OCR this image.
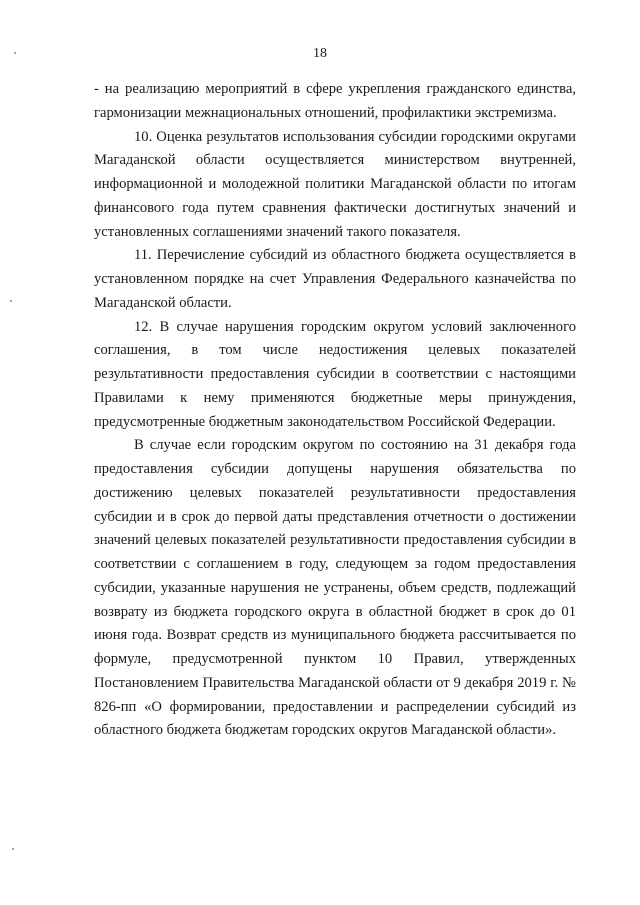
18

- на реализацию мероприятий в сфере укрепления гражданского единства, гармонизации межнациональных отношений, профилактики экстремизма.

10. Оценка результатов использования субсидии городскими округами Магаданской области осуществляется министерством внутренней, информационной и молодежной политики Магаданской области по итогам финансового года путем сравнения фактически достигнутых значений и установленных соглашениями значений такого показателя.

11. Перечисление субсидий из областного бюджета осуществляется в установленном порядке на счет Управления Федерального казначейства по Магаданской области.

12. В случае нарушения городским округом условий заключенного соглашения, в том числе недостижения целевых показателей результативности предоставления субсидии в соответствии с настоящими Правилами к нему применяются бюджетные меры принуждения, предусмотренные бюджетным законодательством Российской Федерации.

В случае если городским округом по состоянию на 31 декабря года предоставления субсидии допущены нарушения обязательства по достижению целевых показателей результативности предоставления субсидии и в срок до первой даты представления отчетности о достижении значений целевых показателей результативности предоставления субсидии в соответствии с соглашением в году, следующем за годом предоставления субсидии, указанные нарушения не устранены, объем средств, подлежащий возврату из бюджета городского округа в областной бюджет в срок до 01 июня года. Возврат средств из муниципального бюджета рассчитывается по формуле, предусмотренной пунктом 10 Правил, утвержденных Постановлением Правительства Магаданской области от 9 декабря 2019 г. № 826-пп «О формировании, предоставлении и распределении субсидий из областного бюджета бюджетам городских округов Магаданской области».
